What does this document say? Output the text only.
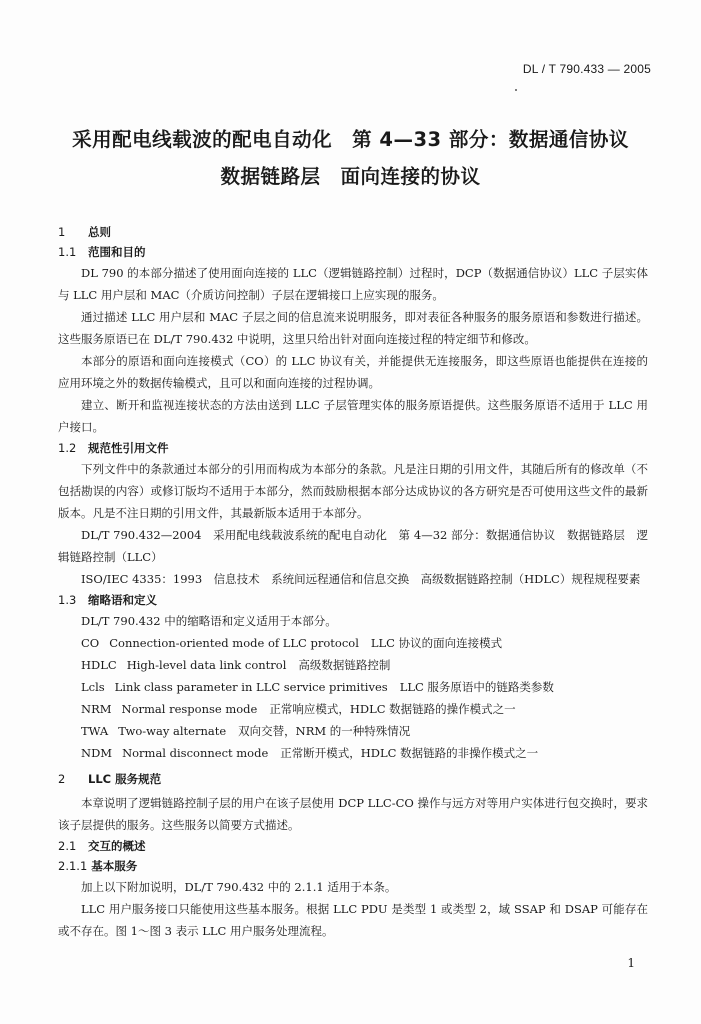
DL / T 790.433 — 2005
采用配电线载波的配电自动化　第 4—33 部分：数据通信协议
数据链路层　面向连接的协议
1 总则
1.1 范围和目的

DL 790 的本部分描述了使用面向连接的 LLC（逻辑链路控制）过程时，DCP（数据通信协议）LLC 子层实体与 LLC 用户层和 MAC（介质访问控制）子层在逻辑接口上应实现的服务。

通过描述 LLC 用户层和 MAC 子层之间的信息流来说明服务，即对表征各种服务的服务原语和参数进行描述。这些服务原语已在 DL/T 790.432 中说明，这里只给出针对面向连接过程的特定细节和修改。

本部分的原语和面向连接模式（CO）的 LLC 协议有关，并能提供无连接服务，即这些原语也能提供在连接的应用环境之外的数据传输模式，且可以和面向连接的过程协调。

建立、断开和监视连接状态的方法由送到 LLC 子层管理实体的服务原语提供。这些服务原语不适用于 LLC 用户接口。

1.2 规范性引用文件

下列文件中的条款通过本部分的引用而构成为本部分的条款。凡是注日期的引用文件，其随后所有的修改单（不包括勘误的内容）或修订版均不适用于本部分，然而鼓励根据本部分达成协议的各方研究是否可使用这些文件的最新版本。凡是不注日期的引用文件，其最新版本适用于本部分。

DL/T 790.432—2004　采用配电线载波系统的配电自动化　第 4—32 部分：数据通信协议　数据链路层　逻辑链路控制（LLC）

ISO/IEC 4335：1993　信息技术　系统间远程通信和信息交换　高级数据链路控制（HDLC）规程规程要素

1.3 缩略语和定义

DL/T 790.432 中的缩略语和定义适用于本部分。

CO Connection-oriented mode of LLC protocol LLC 协议的面向连接模式
HDLC High-level data link control 高级数据链路控制
Lcls Link class parameter in LLC service primitives LLC 服务原语中的链路类参数
NRM Normal response mode 正常响应模式，HDLC 数据链路的操作模式之一
TWA Two-way alternate 双向交替，NRM 的一种特殊情况
NDM Normal disconnect mode 正常断开模式，HDLC 数据链路的非操作模式之一
2 LLC 服务规范

本章说明了逻辑链路控制子层的用户在该子层使用 DCP LLC-CO 操作与远方对等用户实体进行包交换时，要求该子层提供的服务。这些服务以简要方式描述。

2.1 交互的概述
2.1.1 基本服务

加上以下附加说明，DL/T 790.432 中的 2.1.1 适用于本条。

LLC 用户服务接口只能使用这些基本服务。根据 LLC PDU 是类型 1 或类型 2，域 SSAP 和 DSAP 可能存在或不存在。图 1～图 3 表示 LLC 用户服务处理流程。

1
